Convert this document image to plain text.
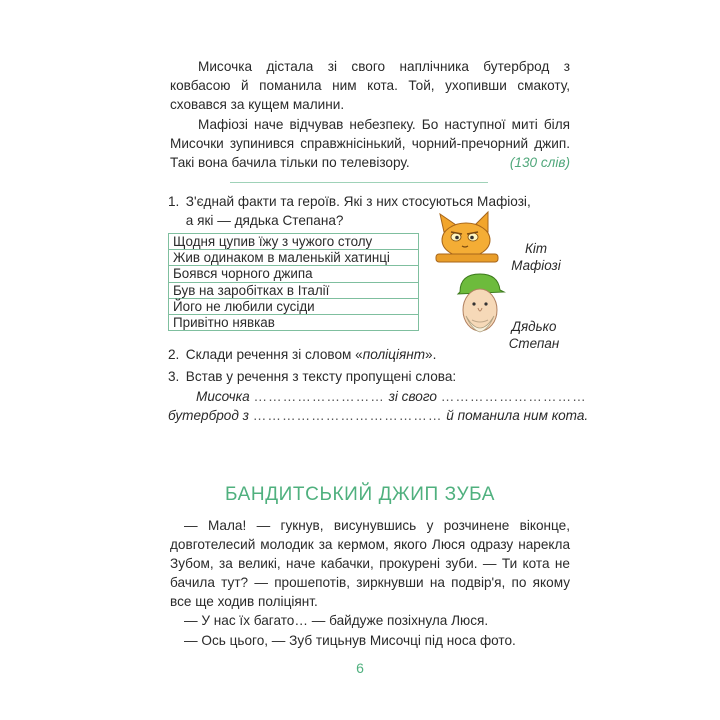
Мисочка дістала зі свого наплічника бутерброд з ковбасою й поманила ним кота. Той, ухопивши смакоту, сховався за кущем малини.

Мафіозі наче відчував небезпеку. Бо наступної миті біля Мисочки зупинився справжнісінький, чорний-пречорний джип. Такі вона бачила тільки по телевізору.	(130 слів)

1. З'єднай факти та героїв. Які з них стосуються Мафіозі,
а які — дядька Степана?
Щодня цупив їжу з чужого столу
Жив одинаком в маленькій хатинці
Боявся чорного джипа
Був на заробітках в Італії
Його не любили сусіди
Привітно нявкав
Кіт
Мафіозі
Дядько
Степан
2. Склади речення зі словом «поліціянт».
3. Встав у речення з тексту пропущені слова:
Мисочка ……………………… зі свого …………………………
бутерброд з ………………………………… й поманила ним кота.
БАНДИТСЬКИЙ ДЖИП ЗУБА

— Мала! — гукнув, висунувшись у розчинене віконце, довготелесий молодик за кермом, якого Люся одразу нарекла Зубом, за великі, наче кабачки, прокурені зуби. — Ти кота не бачила тут? — прошепотів, зиркнувши на подвір'я, по якому все ще ходив поліціянт.

— У нас їх багато… — байдуже позіхнула Люся.

— Ось цього, — Зуб тицьнув Мисочці під носа фото.

6
